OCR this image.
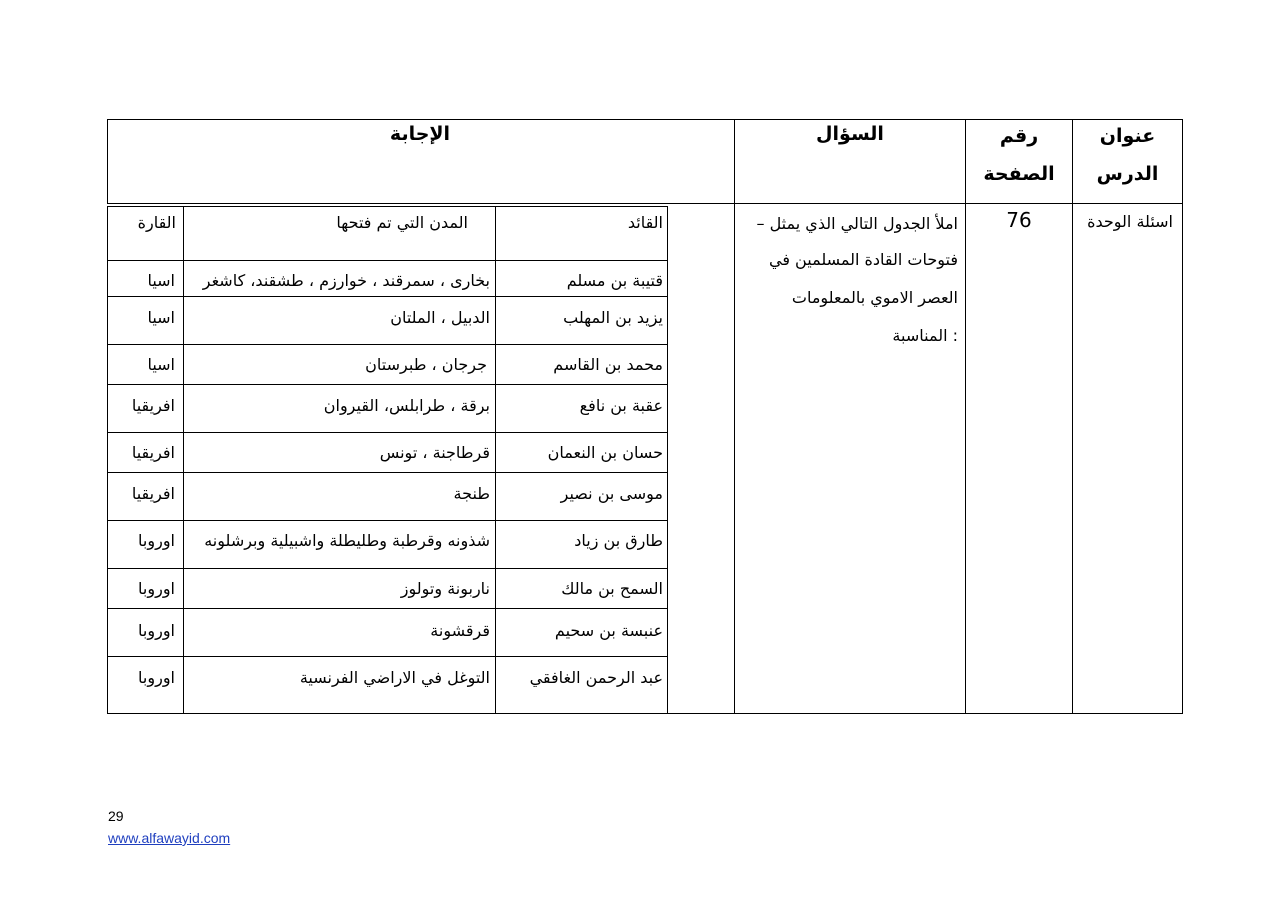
الإجابة	السؤال	رقم
الصفحة
عنوان
الدرس
اسئلة الوحدة
76
– املأ الجدول التالي الذي يمثل
فتوحات القادة المسلمين في
العصر الاموي بالمعلومات
المناسبة :
القائد
المدن التي تم فتحها
القارة
قتيبة بن مسلم
بخارى ، سمرقند ، خوارزم ، طشقند، كاشغر
اسيا
يزيد بن المهلب
الدبيل ، الملتان
اسيا
محمد بن القاسم
جرجان ، طبرستان
اسيا
عقبة بن نافع
برقة ، طرابلس، القيروان
افريقيا
حسان بن النعمان
قرطاجنة ، تونس
افريقيا
موسى بن نصير
طنجة
افريقيا
طارق بن زياد
شذونه وقرطبة وطليطلة واشبيلية وبرشلونه
اوروبا
السمح بن مالك
ناربونة وتولوز
اوروبا
عنبسة بن سحيم
قرقشونة
اوروبا
عبد الرحمن الغافقي
التوغل في الاراضي الفرنسية
اوروبا
29
www.alfawayid.com
